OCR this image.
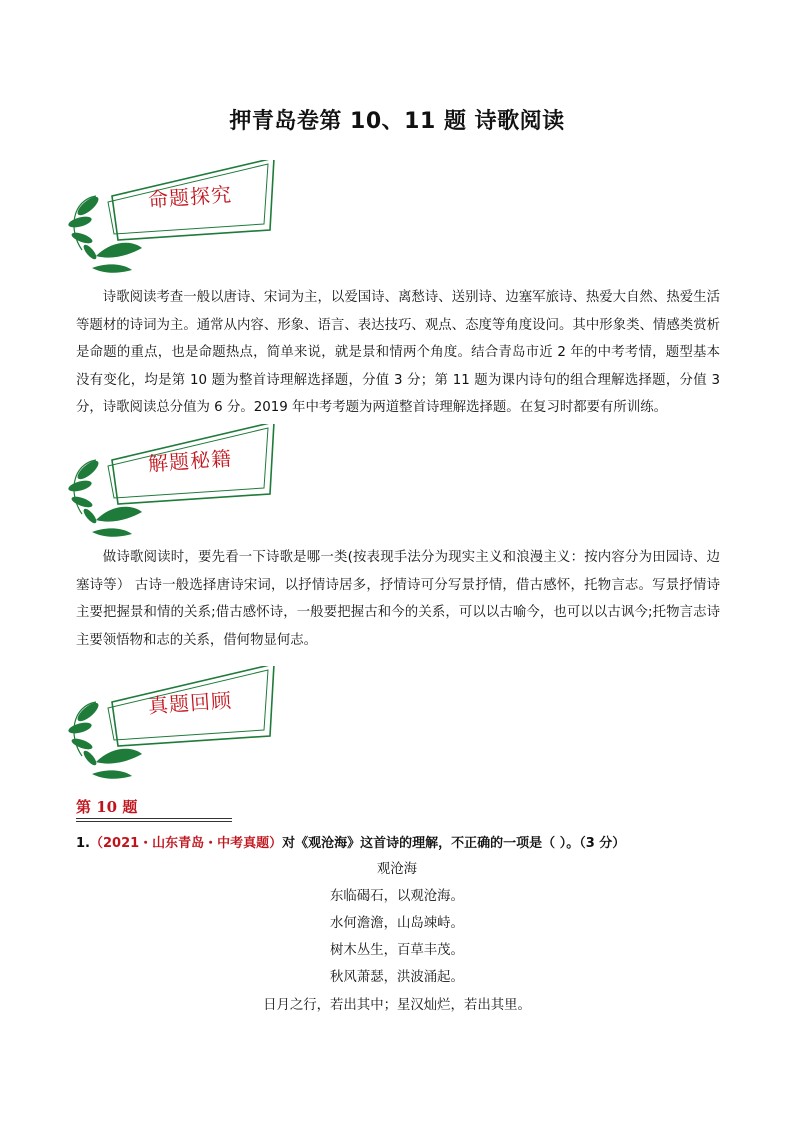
押青岛卷第 10、11 题 诗歌阅读
命题探究
诗歌阅读考查一般以唐诗、宋词为主，以爱国诗、离愁诗、送别诗、边塞军旅诗、热爱大自然、热爱生活等题材的诗词为主。通常从内容、形象、语言、表达技巧、观点、态度等角度设问。其中形象类、情感类赏析是命题的重点，也是命题热点，简单来说，就是景和情两个角度。结合青岛市近 2 年的中考考情，题型基本没有变化，均是第 10 题为整首诗理解选择题，分值 3 分；第 11 题为课内诗句的组合理解选择题，分值 3 分，诗歌阅读总分值为 6 分。2019 年中考考题为两道整首诗理解选择题。在复习时都要有所训练。
解题秘籍
做诗歌阅读时，要先看一下诗歌是哪一类(按表现手法分为现实主义和浪漫主义：按内容分为田园诗、边塞诗等） 古诗一般选择唐诗宋词，以抒情诗居多，抒情诗可分写景抒情，借古感怀，托物言志。写景抒情诗主要把握景和情的关系;借古感怀诗，一般要把握古和今的关系，可以以古喻今，也可以以古讽今;托物言志诗主要领悟物和志的关系，借何物显何志。
真题回顾
第 10 题
1.（2021・山东青岛・中考真题）对《观沧海》这首诗的理解，不正确的一项是（ ）。（3 分）
观沧海
东临碣石，以观沧海。
水何澹澹，山岛竦峙。
树木丛生，百草丰茂。
秋风萧瑟，洪波涌起。
日月之行，若出其中；星汉灿烂，若出其里。
